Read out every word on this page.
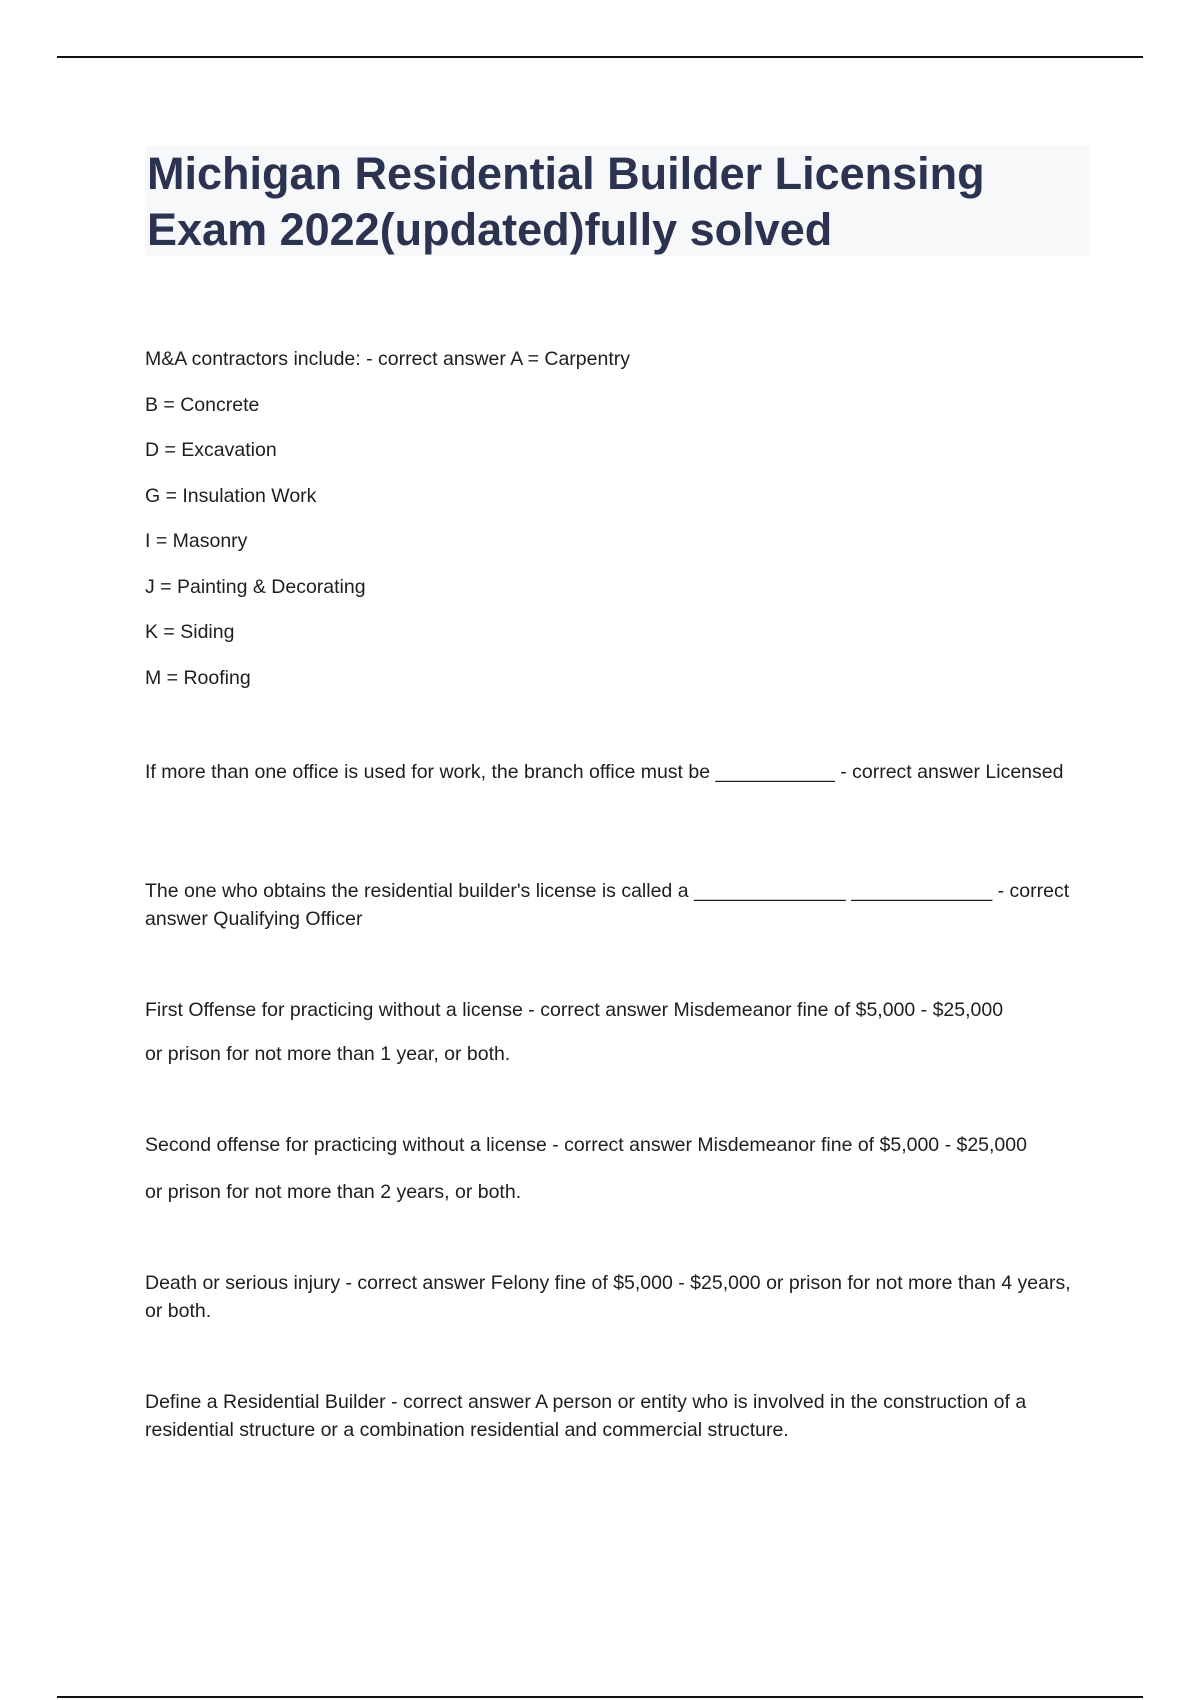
Michigan Residential Builder Licensing Exam 2022(updated)fully solved

M&A contractors include: - correct answer A = Carpentry

B = Concrete

D = Excavation

G = Insulation Work

I = Masonry

J = Painting & Decorating

K = Siding

M = Roofing

If more than one office is used for work, the branch office must be ___________ - correct answer Licensed

The one who obtains the residential builder's license is called a ______________ _____________ - correct answer Qualifying Officer

First Offense for practicing without a license - correct answer Misdemeanor fine of $5,000 - $25,000

or prison for not more than 1 year, or both.

Second offense for practicing without a license - correct answer Misdemeanor fine of $5,000 - $25,000

or prison for not more than 2 years, or both.

Death or serious injury - correct answer Felony fine of $5,000 - $25,000 or prison for not more than 4 years, or both.

Define a Residential Builder - correct answer A person or entity who is involved in the construction of a residential structure or a combination residential and commercial structure.
